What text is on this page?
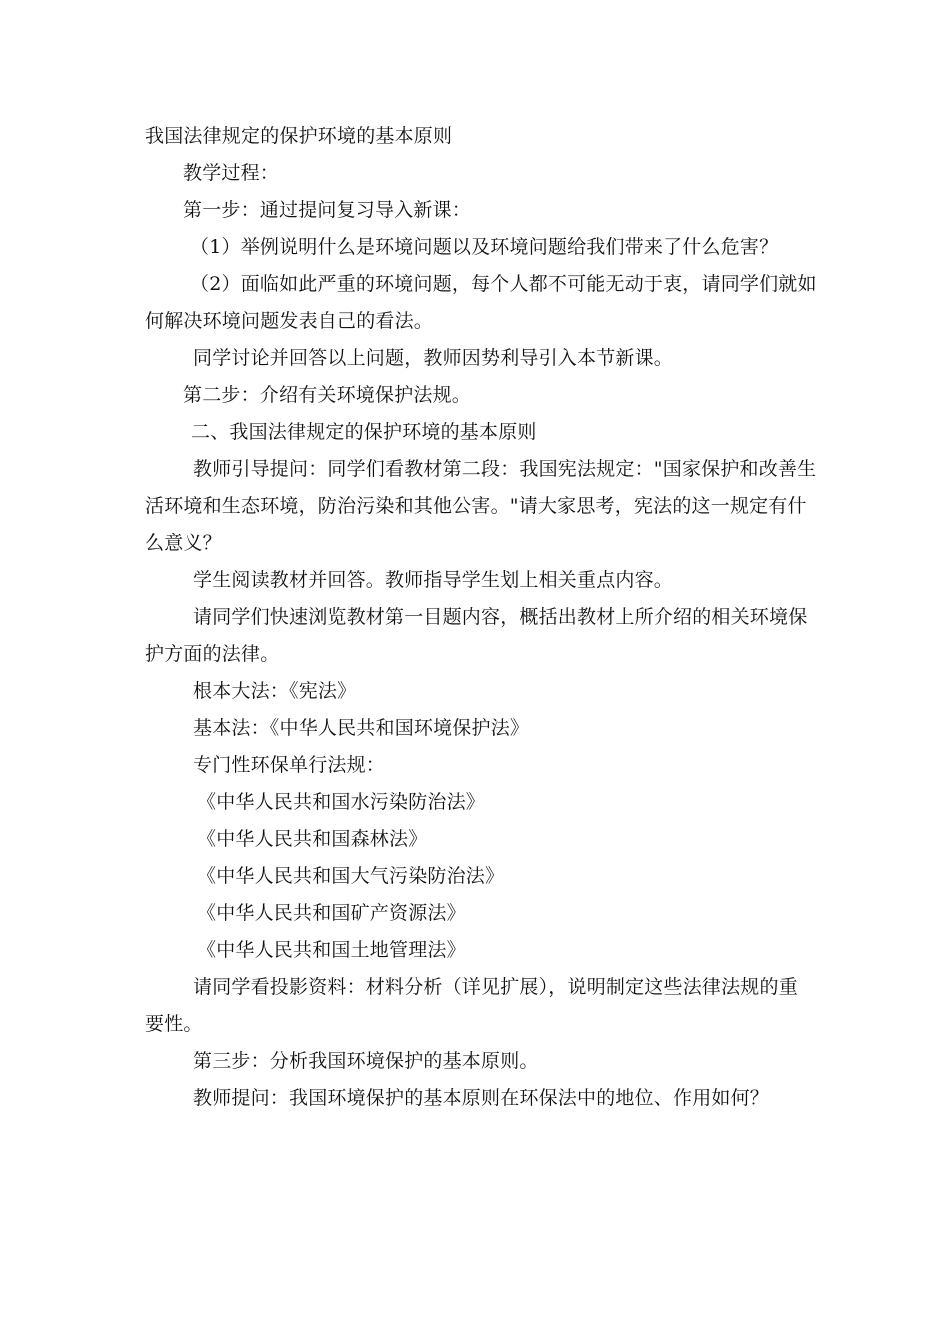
我国法律规定的保护环境的基本原则
教学过程：
第一步：通过提问复习导入新课：
（1）举例说明什么是环境问题以及环境问题给我们带来了什么危害？
（2）面临如此严重的环境问题，每个人都不可能无动于衷，请同学们就如
何解决环境问题发表自己的看法。
同学讨论并回答以上问题，教师因势利导引入本节新课。
第二步：介绍有关环境保护法规。
二、我国法律规定的保护环境的基本原则
教师引导提问：同学们看教材第二段：我国宪法规定："国家保护和改善生
活环境和生态环境，防治污染和其他公害。"请大家思考，宪法的这一规定有什
么意义？
学生阅读教材并回答。教师指导学生划上相关重点内容。
请同学们快速浏览教材第一目题内容，概括出教材上所介绍的相关环境保
护方面的法律。
根本大法：《宪法》
基本法：《中华人民共和国环境保护法》
专门性环保单行法规：
《中华人民共和国水污染防治法》
《中华人民共和国森林法》
《中华人民共和国大气污染防治法》
《中华人民共和国矿产资源法》
《中华人民共和国土地管理法》
请同学看投影资料：材料分析（详见扩展），说明制定这些法律法规的重
要性。
第三步：分析我国环境保护的基本原则。
教师提问：我国环境保护的基本原则在环保法中的地位、作用如何？
